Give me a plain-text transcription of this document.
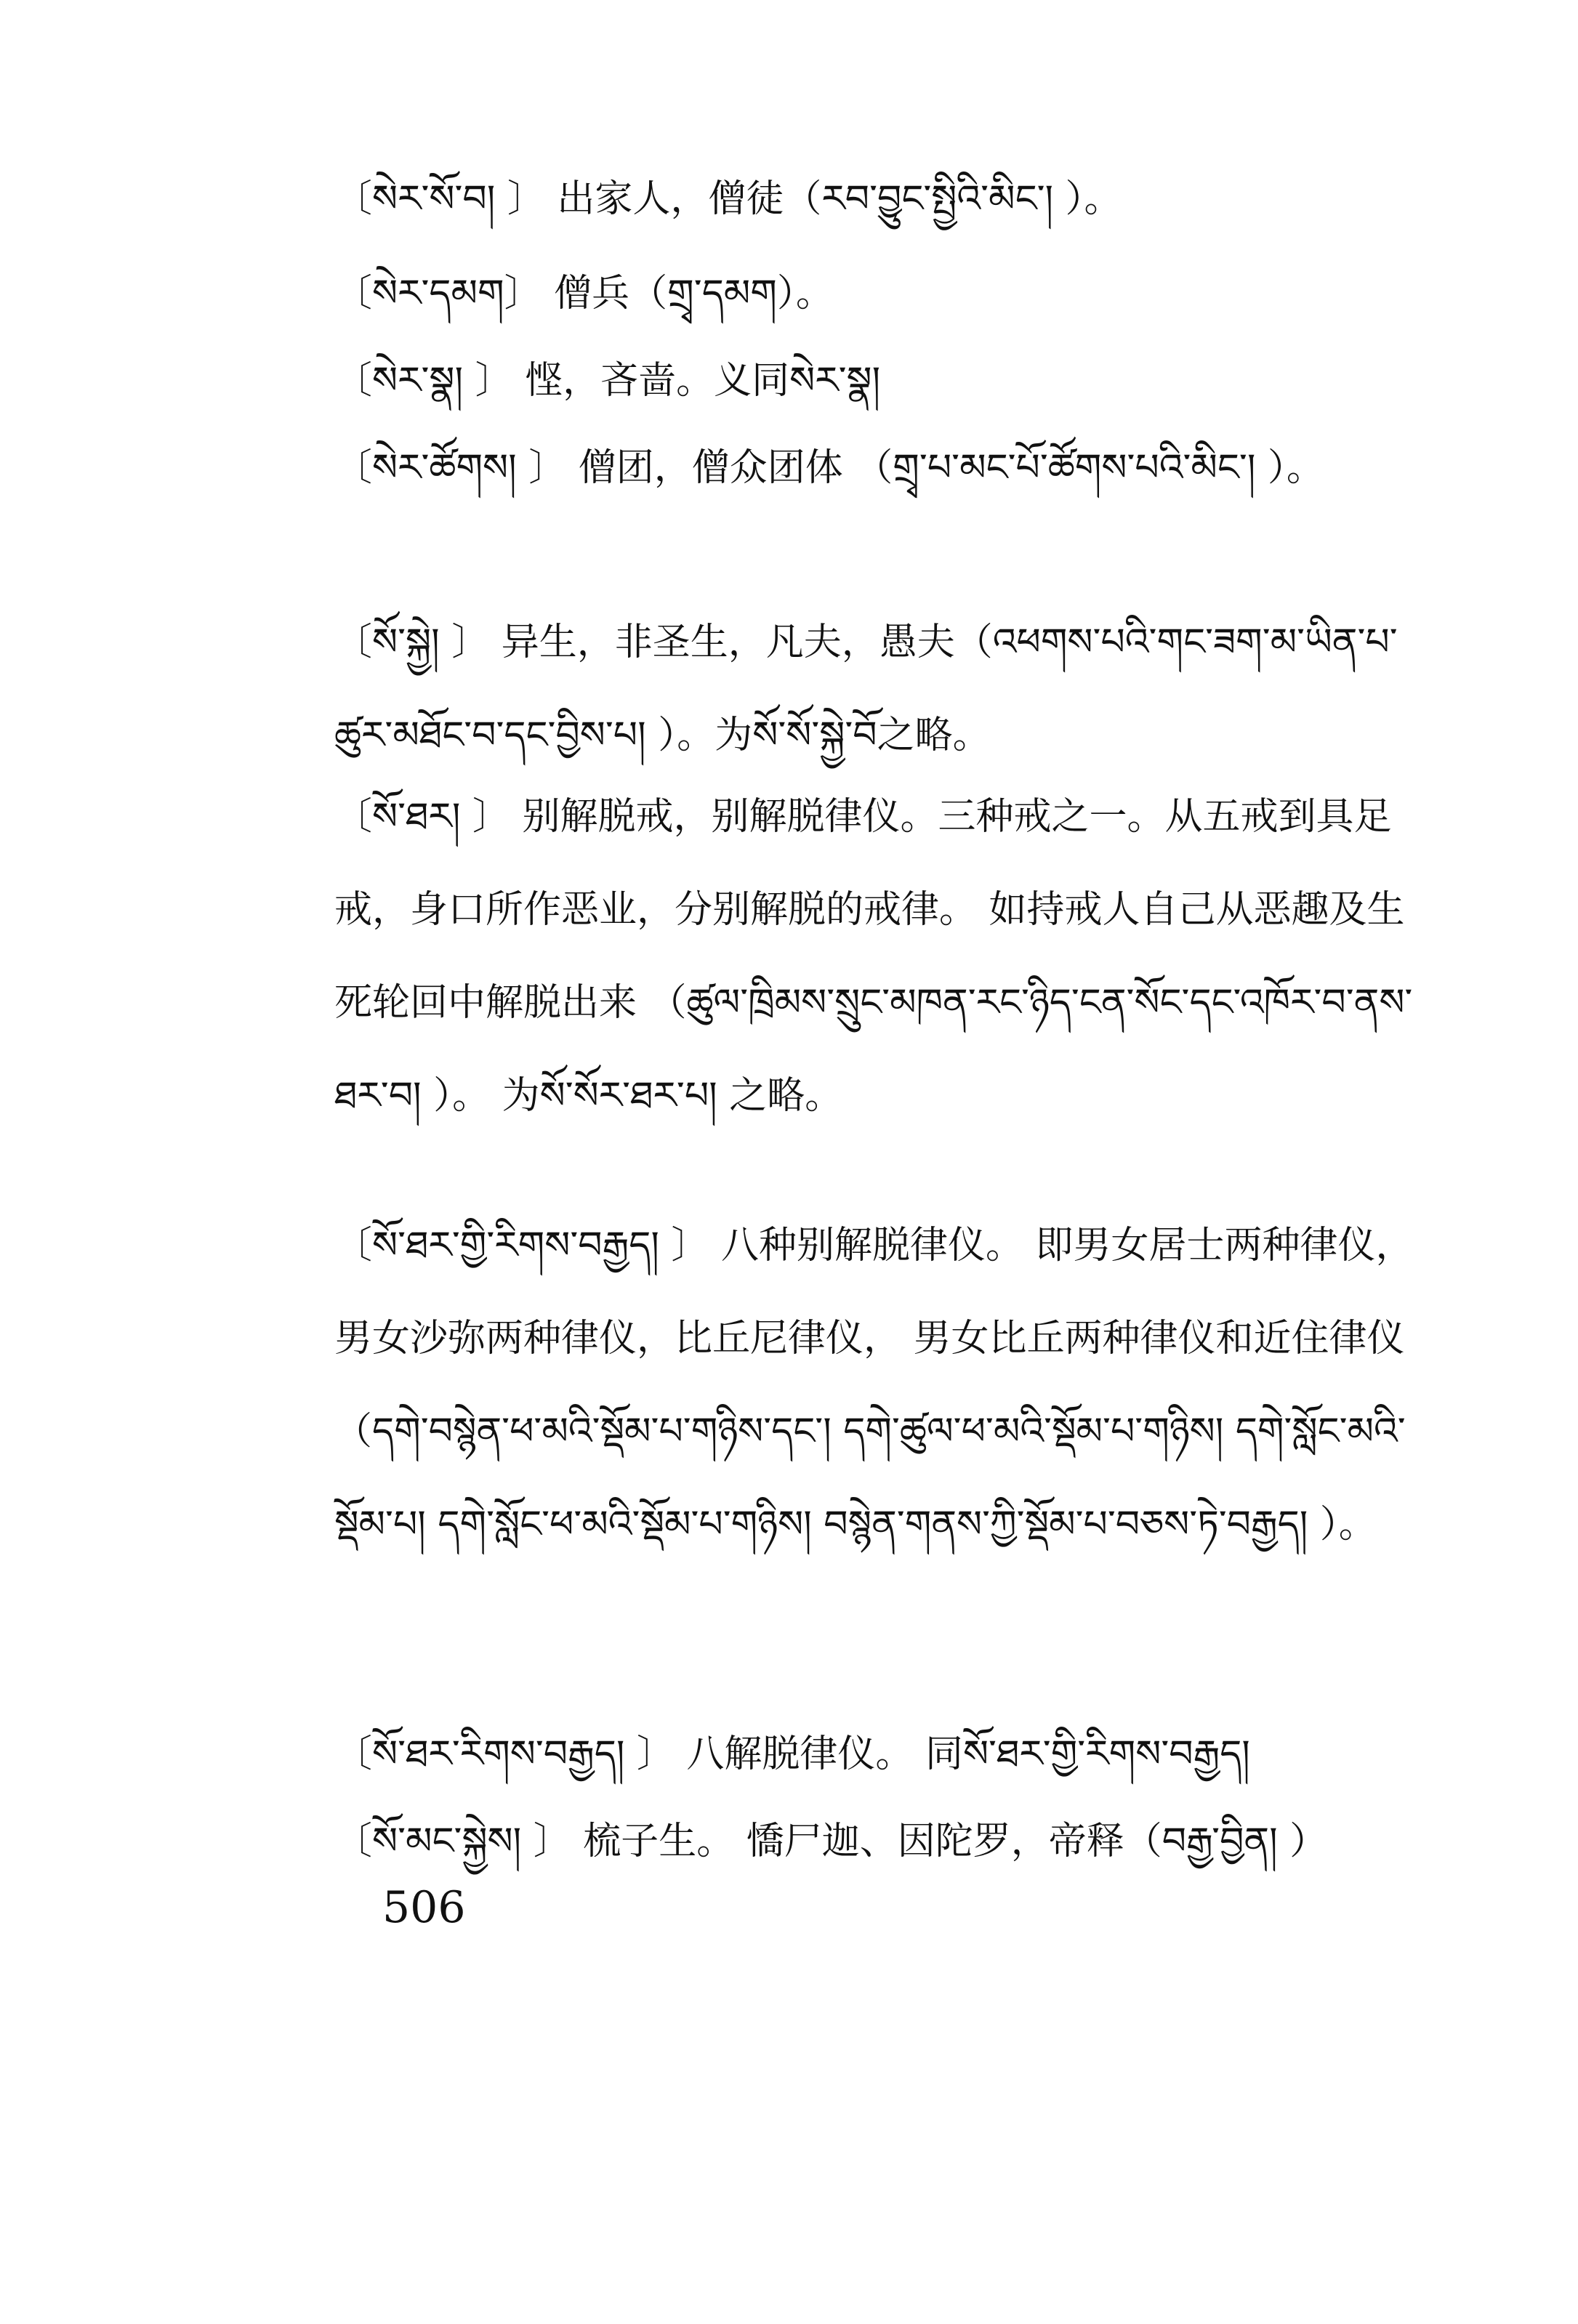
〔སེར་སོ་བ། 〕 出家人，僧徒（རབ་བྱུང་སྤྱིའི་མིང་། ）。
〔སེར་དམག〕 僧兵（གྲྭ་དམག）。
〔སེར་སྣ། 〕 悭，吝啬。义同སེར་སྣ།
〔སེར་ཚོགས། 〕 僧团，僧众团体 （གྲྭ་པ་མང་པོ་ཚོགས་པའི་མིང་། ）。
〔སོ་སྐྱེ། 〕 异生，非圣生，凡夫，愚夫（འཕགས་པའི་གང་ཟག་མ་ཡིན་པ་ཚུར་མཐོང་བ་དང་བྱིས་པ། ）。为སོ་སོ་སྐྱེ་བོ之略。
〔སོ་ཐར། 〕 别解脱戒，别解脱律仪。三种戒之一。从五戒到具足戒，身口所作恶业，分别解脱的戒律。 如持戒人自己从恶趣及生死轮回中解脱出来 （ཚུལ་ཁྲིམས་སྲུང་མཁན་རང་ཉིད་ངན་སོང་དང་འཁོར་བ་ནས་ཐར་བ། ）。 为སོ་སོར་ཐར་པ། 之略。
〔སོ་ཐར་གྱི་རིགས་བརྒྱད། 〕 八种别解脱律仪。 即男女居士两种律仪，男女沙弥两种律仪，比丘尼律仪， 男女比丘两种律仪和近住律仪（དགེ་བསྙེན་ཕ་མའི་སྡོམ་པ་གཉིས་དང་། དགེ་ཚུལ་ཕ་མའི་སྡོམ་པ་གཉིས། དགེ་སློང་མའི་སྡོམ་པ། དགེ་སློང་ཕ་མའི་སྡོམ་པ་གཉིས། བསྙེན་གནས་ཀྱི་སྡོམ་པ་བཅས་ཏེ་བརྒྱད། ）。
〔སོ་ཐར་རིགས་བརྒྱད། 〕 八解脱律仪。 同སོ་ཐར་གྱི་རིགས་བརྒྱད།
〔སོ་མང་སྐྱེས། 〕 梳子生。 憍尸迦、因陀罗，帝释（བརྒྱ་བྱིན། ）
506
